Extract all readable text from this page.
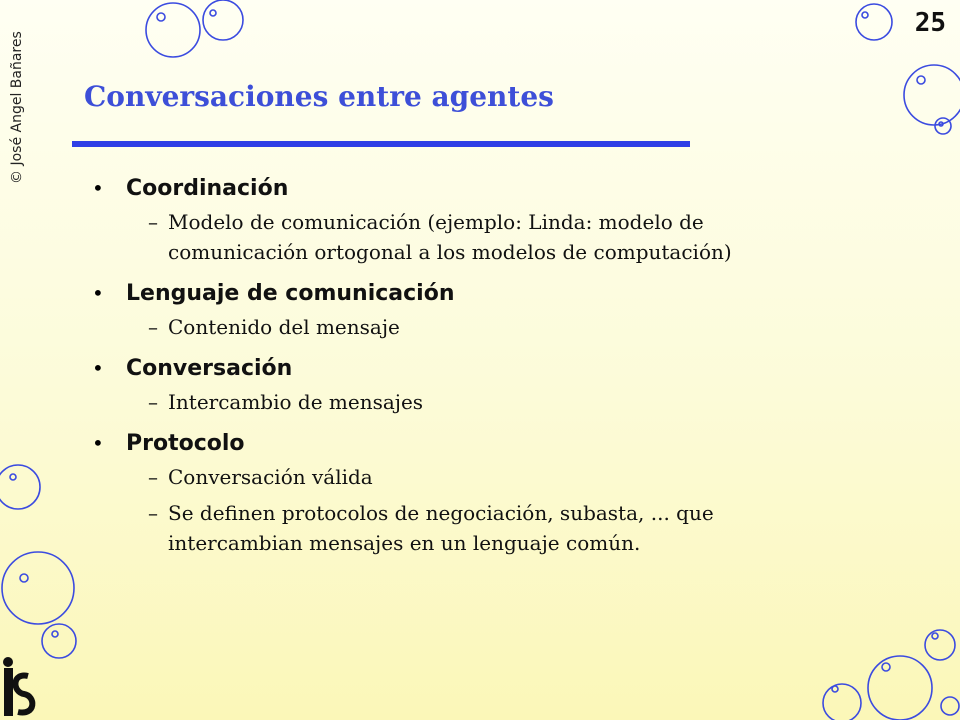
© José Angel Bañares
25
Conversaciones entre agentes
•	Coordinación
– Modelo de comunicación (ejemplo: Linda: modelo de comunicación ortogonal a los modelos de computación)
•	Lenguaje de comunicación
– Contenido del mensaje
•	Conversación
– Intercambio de mensajes
•	Protocolo
– Conversación válida
– Se definen protocolos de negociación, subasta, ... que intercambian mensajes en un lenguaje común.
